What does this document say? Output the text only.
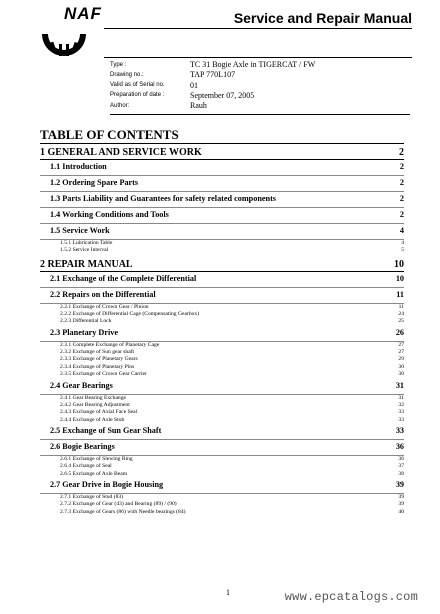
NAF	Service and Repair Manual
Type :	TC 31 Bogie Axle in TIGERCAT / FW
Drawing no.:	TAP 770L107
Valid as of Serial no.	01
Preparation of date :	September 07, 2005
Author:	Rauh
TABLE OF CONTENTS
1 GENERAL AND SERVICE WORK	2
1.1 Introduction	2
1.2 Ordering Spare Parts	2
1.3 Parts Liability and Guarantees for safety related components	2
1.4 Working Conditions and Tools	2
1.5 Service Work	4
1.5.1 Lubrication Table	4
1.5.2 Service Interval	5
2 REPAIR MANUAL	10
2.1 Exchange of the Complete Differential	10
2.2 Repairs on the Differential	11
2.2.1 Exchange of Crown Gear / Pinion	11
2.2.2 Exchange of Differential Cage (Compensating Gearbox)	24
2.2.3 Differential Lock	25
2.3 Planetary Drive	26
2.3.1 Complete Exchange of Planetary Cage	27
2.3.2 Exchange of Sun gear shaft	27
2.3.3 Exchange of Planetary Gears	29
2.3.4 Exchange of Planetary Pins	30
2.3.5 Exchange of Crown Gear Carrier	30
2.4 Gear Bearings	31
2.4.1 Gear Bearing Exchange	31
2.4.2 Gear Bearing Adjustment	32
2.4.3 Exchange of Axial Face Seal	33
2.4.4 Exchange of Axle Stub	33
2.5 Exchange of Sun Gear Shaft	33
2.6 Bogie Bearings	36
2.6.1 Exchange of Slewing Ring	36
2.6.4 Exchange of Seal	37
2.6.5 Exchange of Axle Beam	38
2.7 Gear Drive in Bogie Housing	39
2.7.1 Exchange of Stud (83)	39
2.7.2 Exchange of Gear (43) and Bearing (89) / (90)	39
2.7.3 Exchange of Gears (86) with Needle bearings (84)	40
1	www.epcatalogs.com
